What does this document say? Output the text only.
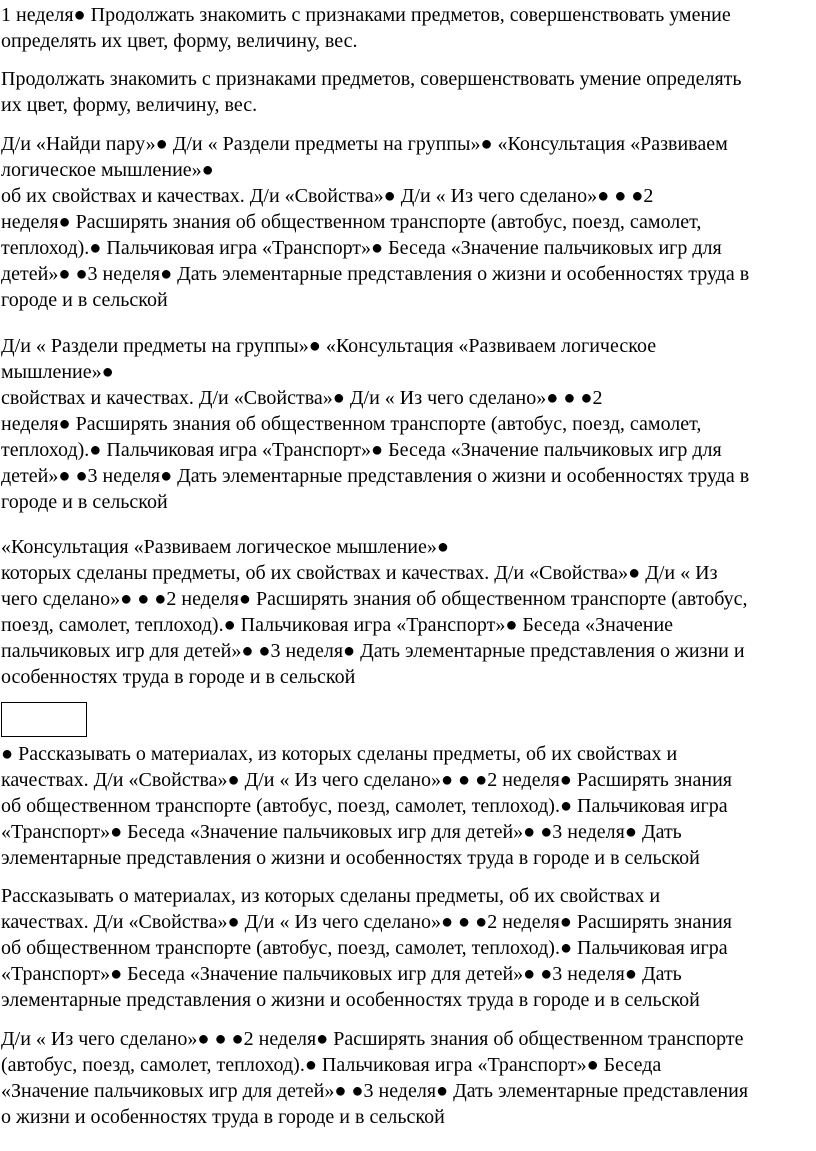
1 неделя● Продолжать знакомить с признаками предметов, совершенствовать умение
определять их цвет, форму, величину, вес.

Продолжать знакомить с признаками предметов, совершенствовать умение определять
их цвет, форму, величину, вес.

Д/и «Найди пару»● Д/и « Раздели предметы на группы»● «Консультация «Развиваем
логическое мышление»●
об их свойствах и качествах. Д/и «Свойства»● Д/и « Из чего сделано»● ● ●2
неделя● Расширять знания об общественном транспорте (автобус, поезд, самолет,
теплоход).● Пальчиковая игра «Транспорт»● Беседа «Значение пальчиковых игр для
детей»● ●3 неделя● Дать элементарные представления о жизни и особенностях труда в
городе и в сельской

Д/и « Раздели предметы на группы»● «Консультация «Развиваем логическое
мышление»●
свойствах и качествах. Д/и «Свойства»● Д/и « Из чего сделано»● ● ●2
неделя● Расширять знания об общественном транспорте (автобус, поезд, самолет,
теплоход).● Пальчиковая игра «Транспорт»● Беседа «Значение пальчиковых игр для
детей»● ●3 неделя● Дать элементарные представления о жизни и особенностях труда в
городе и в сельской

«Консультация «Развиваем логическое мышление»●
которых сделаны предметы, об их свойствах и качествах. Д/и «Свойства»● Д/и « Из
чего сделано»● ● ●2 неделя● Расширять знания об общественном транспорте (автобус,
поезд, самолет, теплоход).● Пальчиковая игра «Транспорт»● Беседа «Значение
пальчиковых игр для детей»● ●3 неделя● Дать элементарные представления о жизни и
особенностях труда в городе и в сельской

● Рассказывать о материалах, из которых сделаны предметы, об их свойствах и
качествах. Д/и «Свойства»● Д/и « Из чего сделано»● ● ●2 неделя● Расширять знания
об общественном транспорте (автобус, поезд, самолет, теплоход).● Пальчиковая игра
«Транспорт»● Беседа «Значение пальчиковых игр для детей»● ●3 неделя● Дать
элементарные представления о жизни и особенностях труда в городе и в сельской

Рассказывать о материалах, из которых сделаны предметы, об их свойствах и
качествах. Д/и «Свойства»● Д/и « Из чего сделано»● ● ●2 неделя● Расширять знания
об общественном транспорте (автобус, поезд, самолет, теплоход).● Пальчиковая игра
«Транспорт»● Беседа «Значение пальчиковых игр для детей»● ●3 неделя● Дать
элементарные представления о жизни и особенностях труда в городе и в сельской

Д/и « Из чего сделано»● ● ●2 неделя● Расширять знания об общественном транспорте
(автобус, поезд, самолет, теплоход).● Пальчиковая игра «Транспорт»● Беседа
«Значение пальчиковых игр для детей»● ●3 неделя● Дать элементарные представления
о жизни и особенностях труда в городе и в сельской
